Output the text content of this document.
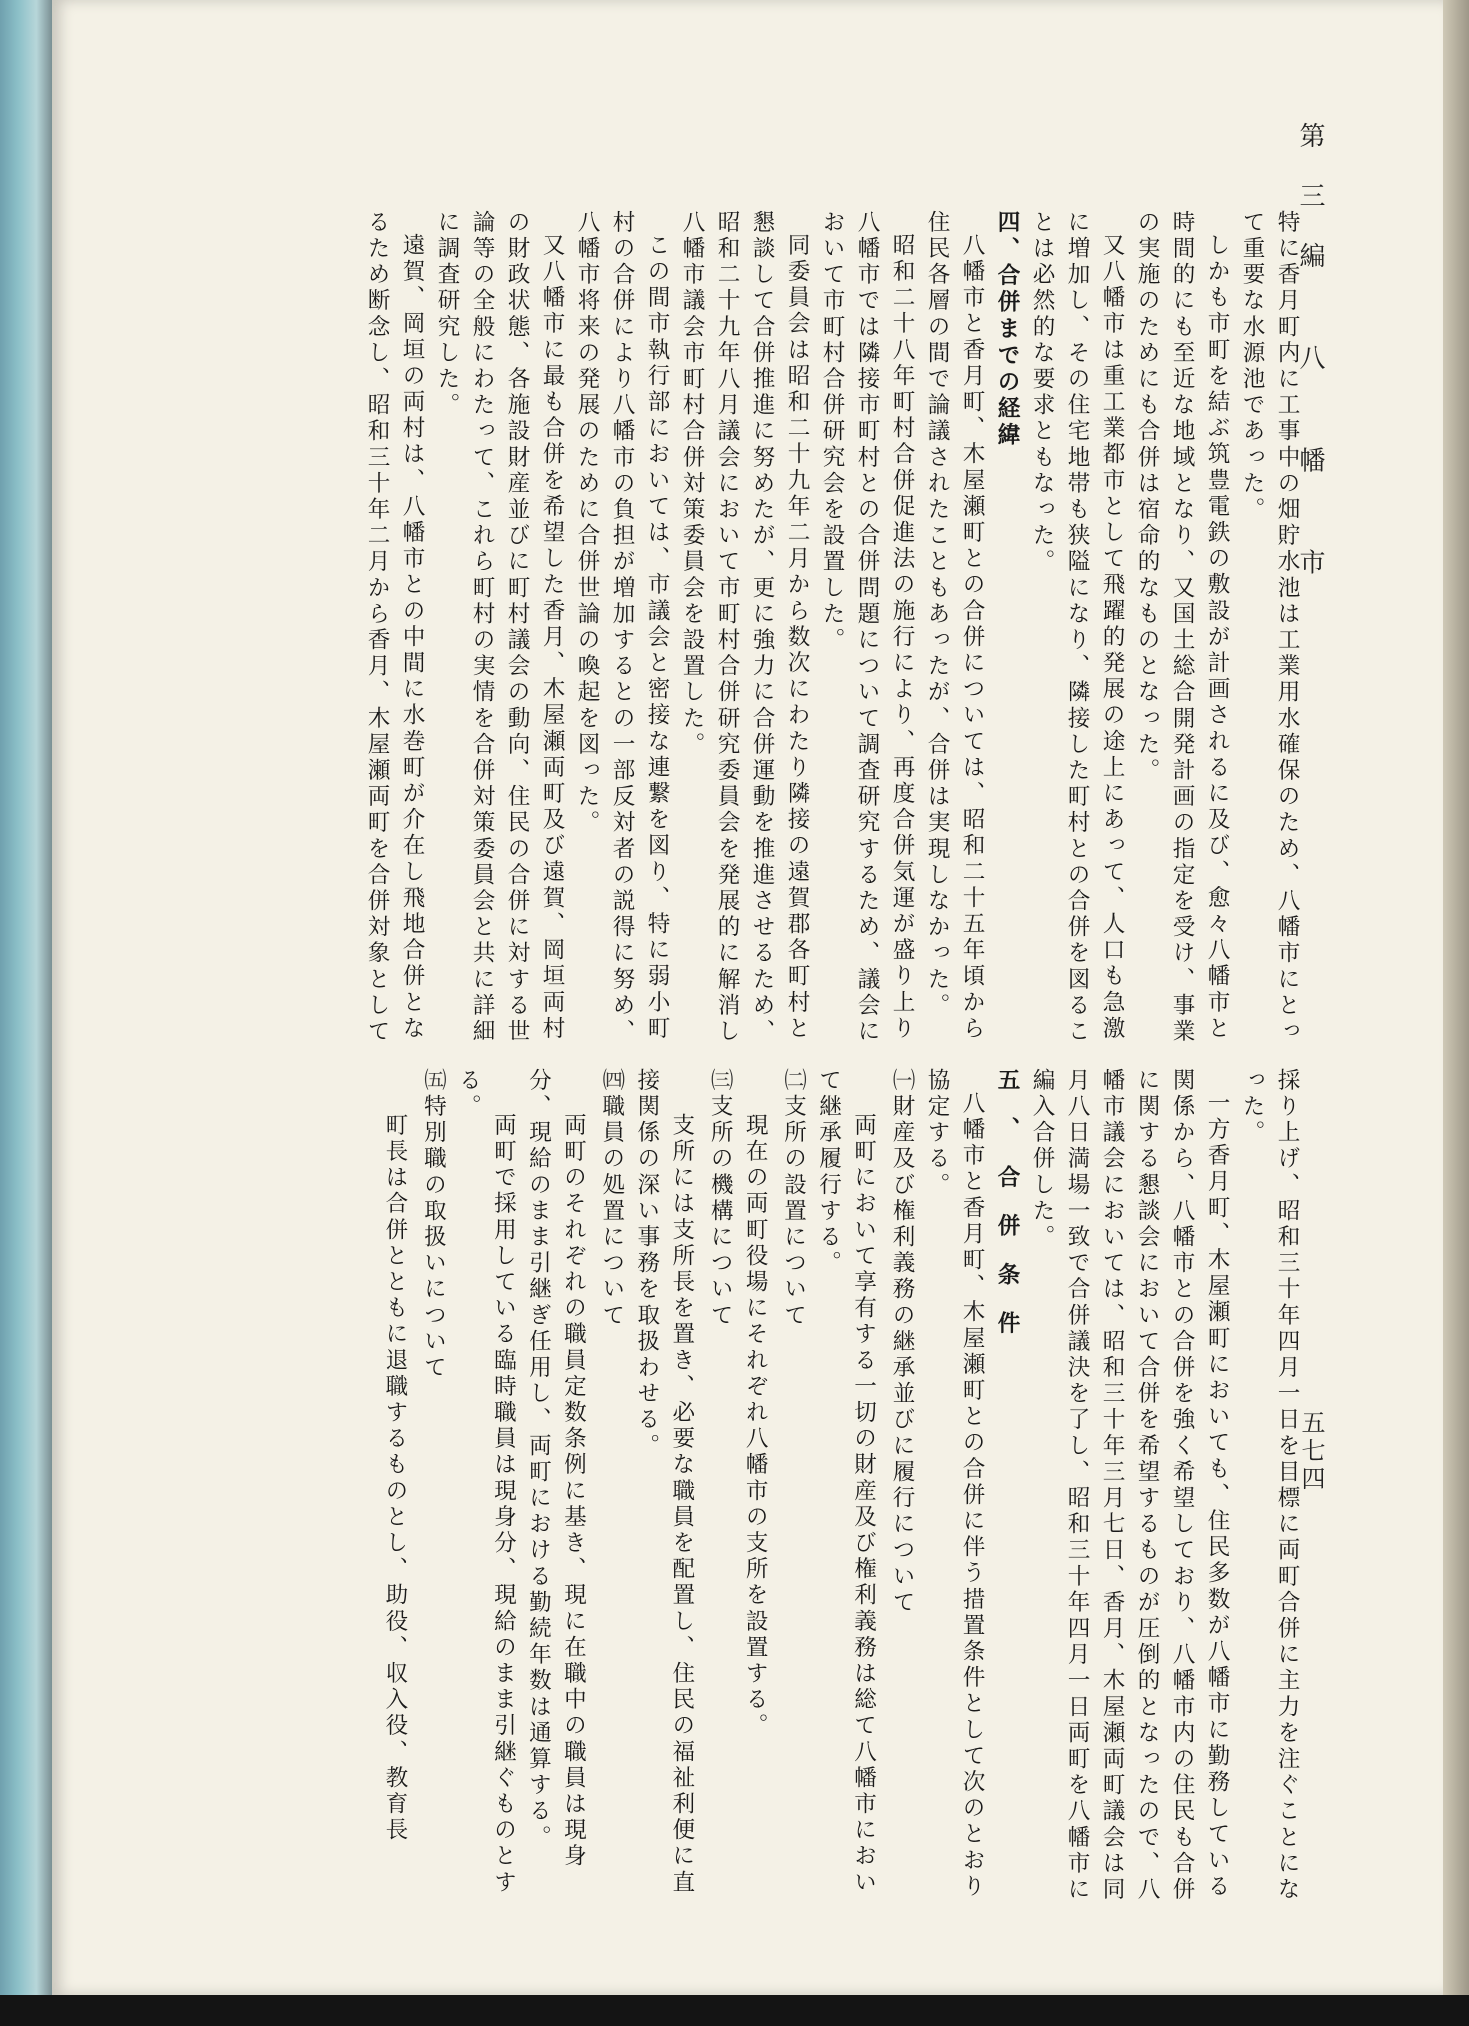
第三編 八 幡 市
五七四

特に香月町内に工事中の畑貯水池は工業用水確保のため、八幡市にとって重要な水源池であった。

しかも市町を結ぶ筑豊電鉄の敷設が計画されるに及び、愈々八幡市と時間的にも至近な地域となり、又国土総合開発計画の指定を受け、事業の実施のためにも合併は宿命的なものとなった。

又八幡市は重工業都市として飛躍的発展の途上にあって、人口も急激に増加し、その住宅地帯も狭隘になり、隣接した町村との合併を図ることは必然的な要求ともなった。

四、合併までの経緯

八幡市と香月町、木屋瀬町との合併については、昭和二十五年頃から住民各層の間で論議されたこともあったが、合併は実現しなかった。

昭和二十八年町村合併促進法の施行により、再度合併気運が盛り上り八幡市では隣接市町村との合併問題について調査研究するため、議会において市町村合併研究会を設置した。

同委員会は昭和二十九年二月から数次にわたり隣接の遠賀郡各町村と懇談して合併推進に努めたが、更に強力に合併運動を推進させるため、昭和二十九年八月議会において市町村合併研究委員会を発展的に解消し八幡市議会市町村合併対策委員会を設置した。

この間市執行部においては、市議会と密接な連繋を図り、特に弱小町村の合併により八幡市の負担が増加するとの一部反対者の説得に努め、八幡市将来の発展のために合併世論の喚起を図った。

又八幡市に最も合併を希望した香月、木屋瀬両町及び遠賀、岡垣両村の財政状態、各施設財産並びに町村議会の動向、住民の合併に対する世論等の全般にわたって、これら町村の実情を合併対策委員会と共に詳細に調査研究した。

遠賀、岡垣の両村は、八幡市との中間に水巻町が介在し飛地合併となるため断念し、昭和三十年二月から香月、木屋瀬両町を合併対象として

採り上げ、昭和三十年四月一日を目標に両町合併に主力を注ぐことになった。

一方香月町、木屋瀬町においても、住民多数が八幡市に勤務している関係から、八幡市との合併を強く希望しており、八幡市内の住民も合併に関する懇談会において合併を希望するものが圧倒的となったので、八幡市議会においては、昭和三十年三月七日、香月、木屋瀬両町議会は同月八日満場一致で合併議決を了し、昭和三十年四月一日両町を八幡市に編入合併した。

五、合併条件

八幡市と香月町、木屋瀬町との合併に伴う措置条件として次のとおり協定する。

㈠財産及び権利義務の継承並びに履行について

両町において享有する一切の財産及び権利義務は総て八幡市において継承履行する。

㈡支所の設置について

現在の両町役場にそれぞれ八幡市の支所を設置する。

㈢支所の機構について

支所には支所長を置き、必要な職員を配置し、住民の福祉利便に直接関係の深い事務を取扱わせる。

㈣職員の処置について

両町のそれぞれの職員定数条例に基き、現に在職中の職員は現身分、現給のまま引継ぎ任用し、両町における勤続年数は通算する。

両町で採用している臨時職員は現身分、現給のまま引継ぐものとする。

㈤特別職の取扱いについて

町長は合併とともに退職するものとし、助役、収入役、教育長
